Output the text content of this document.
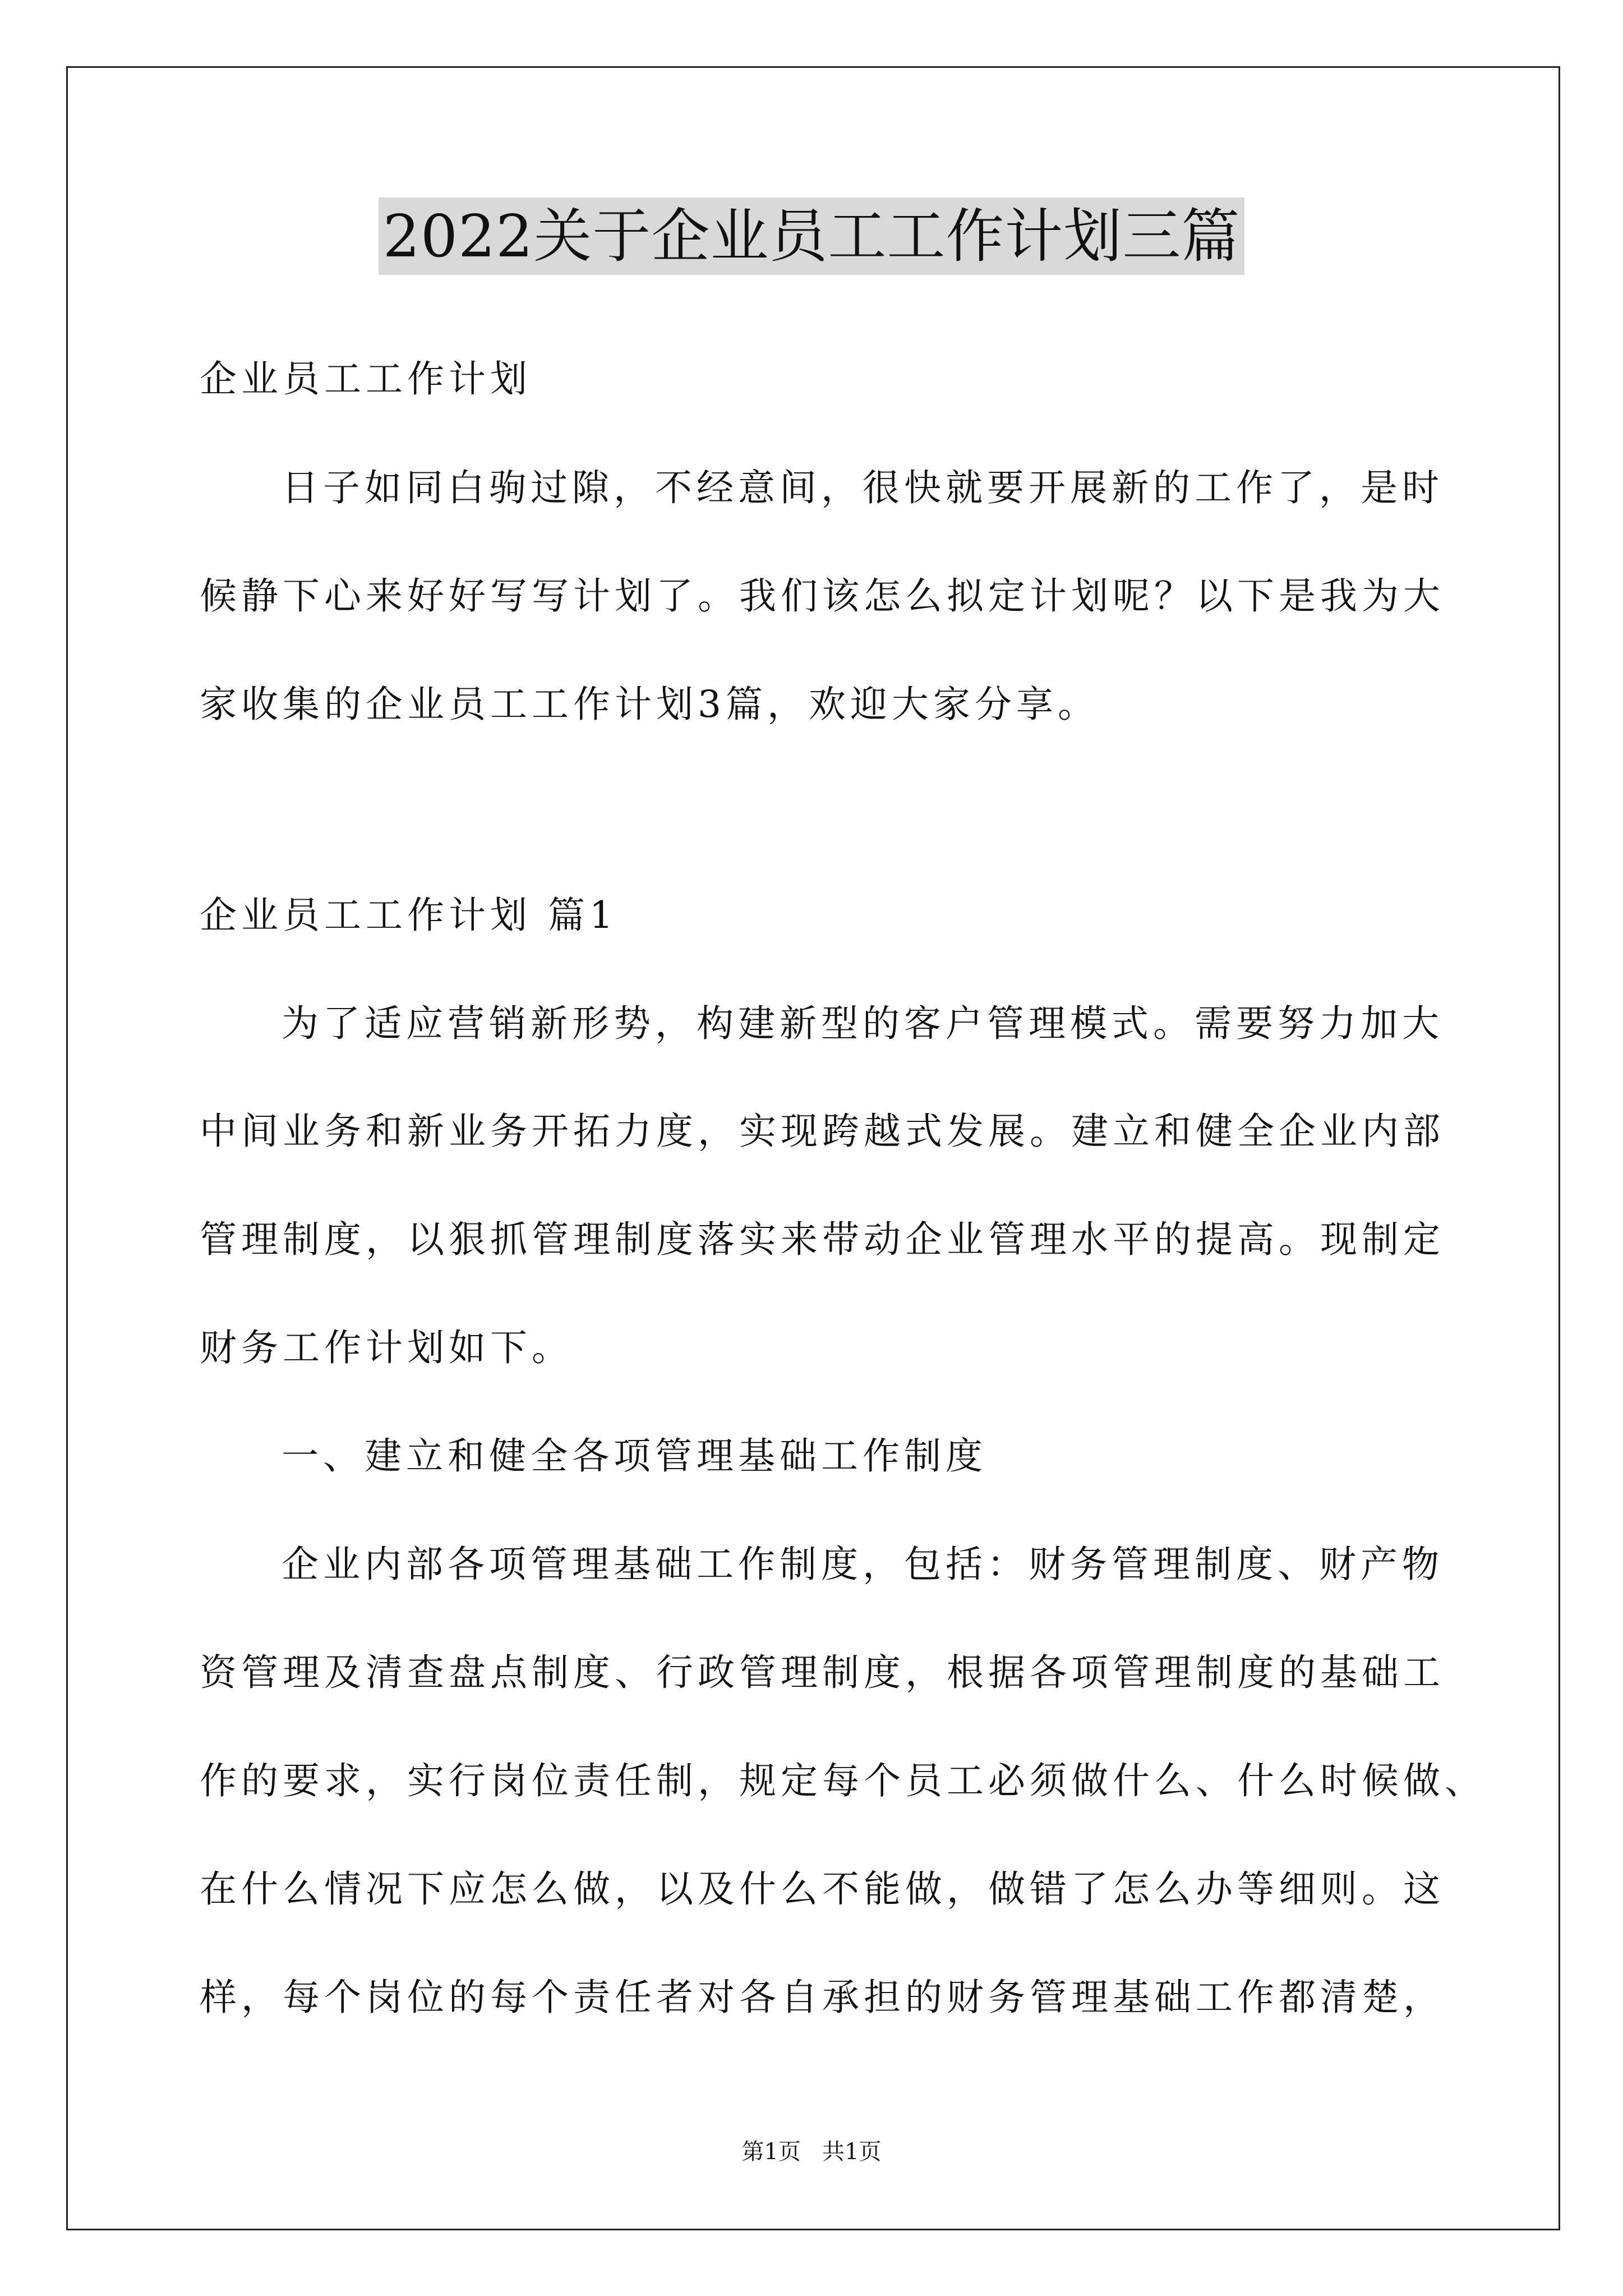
2022关于企业员工工作计划三篇
企业员工工作计划
日子如同白驹过隙，不经意间，很快就要开展新的工作了，是时
候静下心来好好写写计划了。我们该怎么拟定计划呢？以下是我为大
家收集的企业员工工作计划3篇，欢迎大家分享。
企业员工工作计划 篇1
为了适应营销新形势，构建新型的客户管理模式。需要努力加大
中间业务和新业务开拓力度，实现跨越式发展。建立和健全企业内部
管理制度，以狠抓管理制度落实来带动企业管理水平的提高。现制定
财务工作计划如下。
一、建立和健全各项管理基础工作制度
企业内部各项管理基础工作制度，包括：财务管理制度、财产物
资管理及清查盘点制度、行政管理制度，根据各项管理制度的基础工
作的要求，实行岗位责任制，规定每个员工必须做什么、什么时候做、
在什么情况下应怎么做，以及什么不能做，做错了怎么办等细则。这
样，每个岗位的每个责任者对各自承担的财务管理基础工作都清楚，
第1页   共1页
